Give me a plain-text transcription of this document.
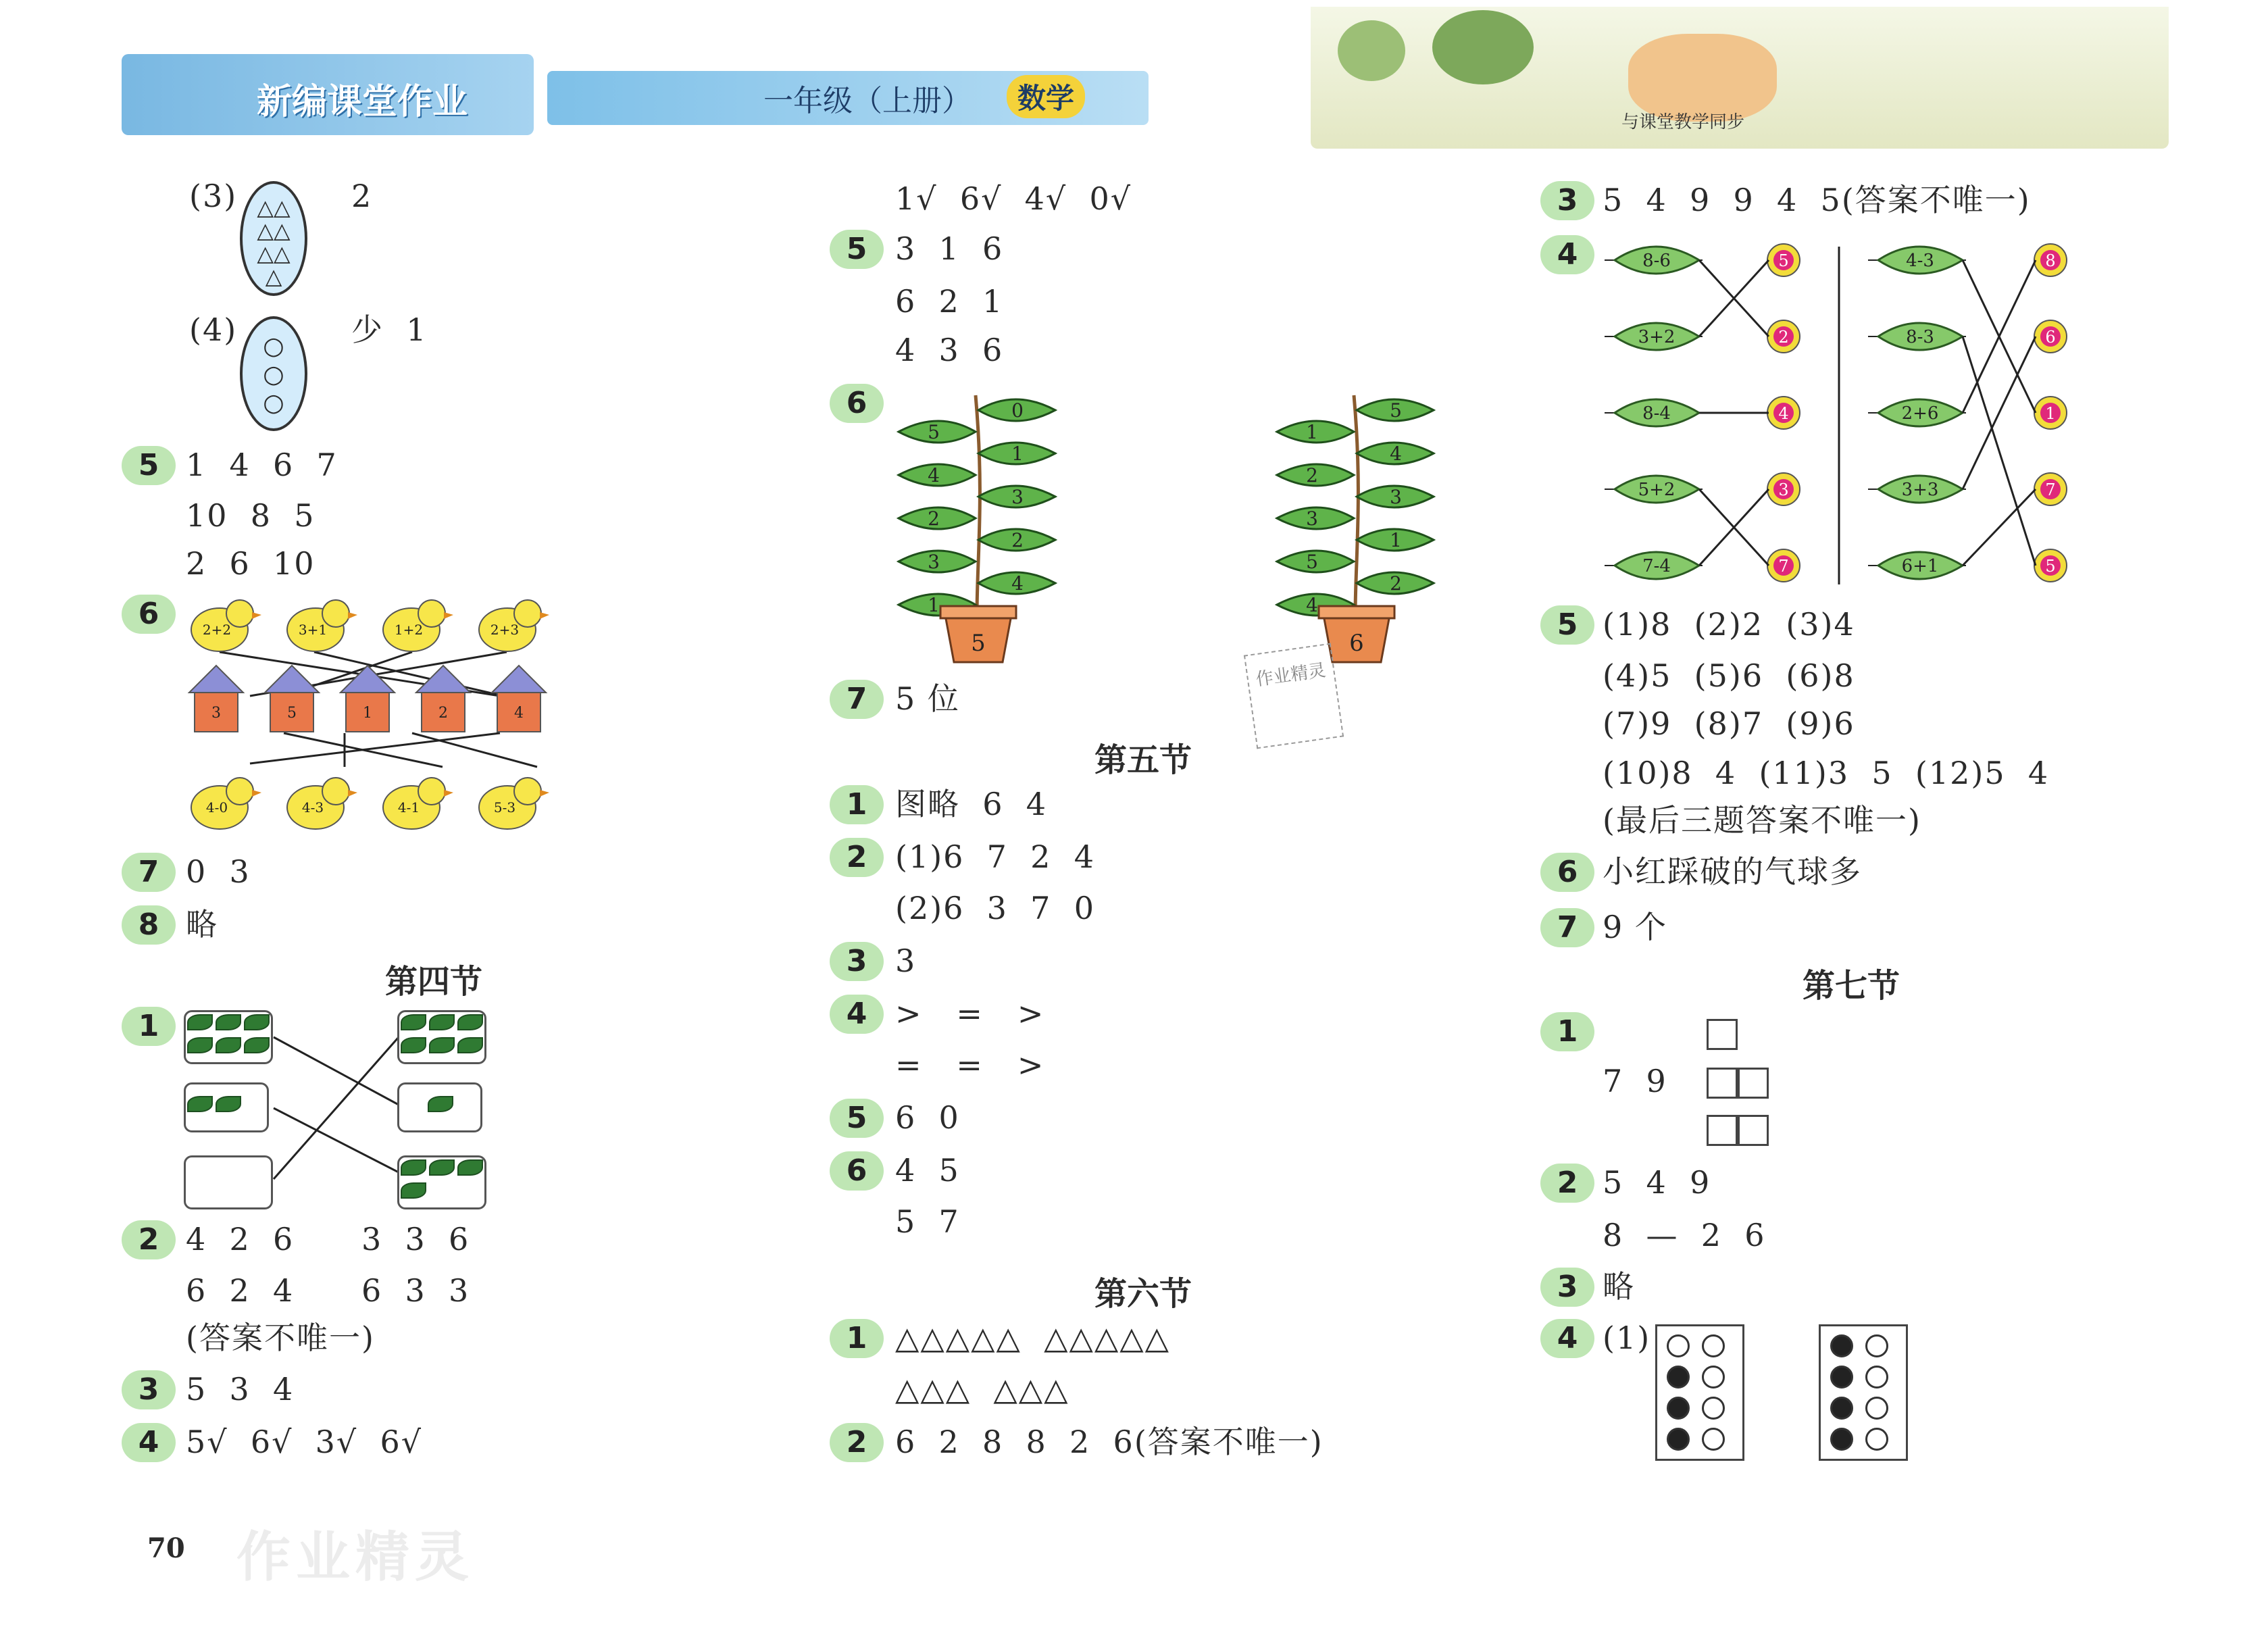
新编课堂作业	一年级（上册）	数学
与课堂教学同步
(3) △△
△△
△△
△
2
(4)	○
○
○
少  1
5 1  4  6  7
10  8  5
2  6  10
6	2+2	3+1	1+2	2+3
3	5	1	2	4
4-0	4-3	4-1	5-3
7 0  3
8 略
第四节
1
2 4  2  6      3  3  6
6  2  4      6  3  3
(答案不唯一)
3 5  3  4
4 5√  6√  3√  6√
70 作业精灵
1√  6√  4√  0√
5 3  1  6
6  2  1
4  3  6
6
5
4
2
3
1
0
1
3
2
4
5
1
2
3
5
4
5
4
3
1
2
6
作业精灵
7 5 位
第五节
1 图略  6  4
2 (1)6  7  2  4
(2)6  3  7  0
3 3
4 >   =   >
=   =   >
5 6  0
6 4  5
5  7
第六节
1 △△△△△  △△△△△
△△△  △△△
2 6  2  8  8  2  6(答案不唯一)
3 5  4  9  9  4  5(答案不唯一)
4	8-6
3+2
8-4
5+2
7-4
5
2
4
3
7
4-3
8-3
2+6
3+3
6+1
8
6
1
7
5
5 (1)8  (2)2  (3)4
(4)5  (5)6  (6)8
(7)9  (8)7  (9)6
(10)8  4  (11)3  5  (12)5  4
(最后三题答案不唯一)
6 小红踩破的气球多
7 9 个
第七节
1
7  9
2 5  4  9
8  —  2  6
3 略
4 (1)
